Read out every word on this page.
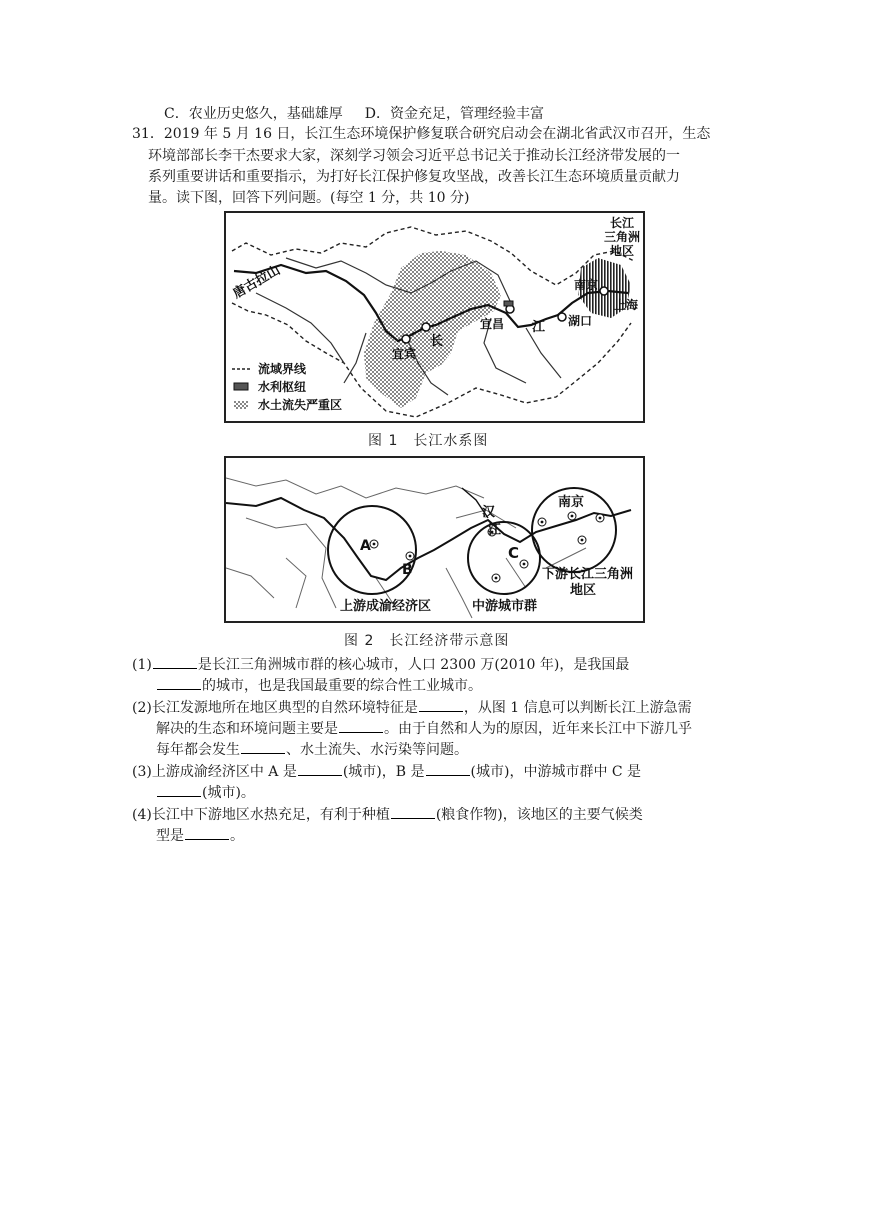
C．农业历史悠久，基础雄厚 D．资金充足，管理经验丰富
31．2019 年 5 月 16 日，长江生态环境保护修复联合研究启动会在湖北省武汉市召开，生态
环境部部长李干杰要求大家，深刻学习领会习近平总书记关于推动长江经济带发展的一
系列重要讲话和重要指示，为打好长江保护修复攻坚战，改善长江生态环境质量贡献力
量。读下图，回答下列问题。(每空 1 分，共 10 分)
唐古拉山
宜宾
长
宜昌 江 湖口
南京
上海
长江
三角洲
地区
流域界线
水利枢纽
水土流失严重区
图 1　长江水系图
A
B
C
汉
江
南京
上游成渝经济区	中游城市群
下游长江三角洲
地区
图 2　长江经济带示意图
(1)	是长江三角洲城市群的核心城市，人口 2300 万(2010 年)，是我国最
的城市，也是我国最重要的综合性工业城市。
(2)长江发源地所在地区典型的自然环境特征是	，从图 1 信息可以判断长江上游急需
解决的生态和环境问题主要是	。由于自然和人为的原因，近年来长江中下游几乎
每年都会发生	、水土流失、水污染等问题。
(3)上游成渝经济区中 A 是	(城市)，B 是	(城市)，中游城市群中 C 是
(城市)。
(4)长江中下游地区水热充足，有利于种植	(粮食作物)，该地区的主要气候类
型是	。
